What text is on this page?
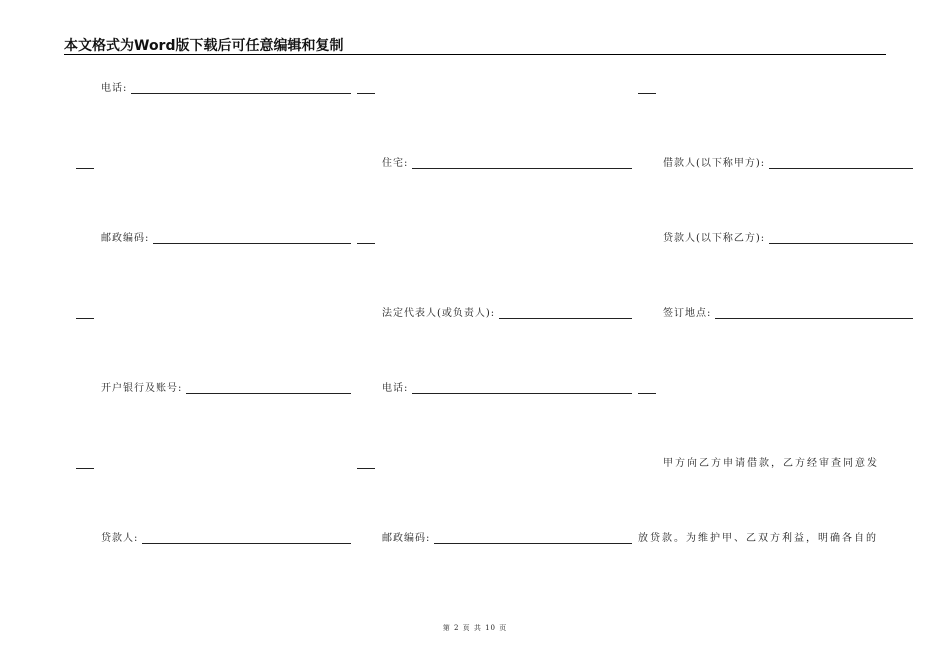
本文格式为Word版下载后可任意编辑和复制
电话:
邮政编码:
开户银行及账号:
贷款人:
住宅:
法定代表人(或负责人):
电话:
邮政编码:
借款人(以下称甲方):
贷款人(以下称乙方):
签订地点:
甲方向乙方申请借款，乙方经审查同意发
放贷款。为维护甲、乙双方利益，明确各自的
第 2 页 共 10 页
